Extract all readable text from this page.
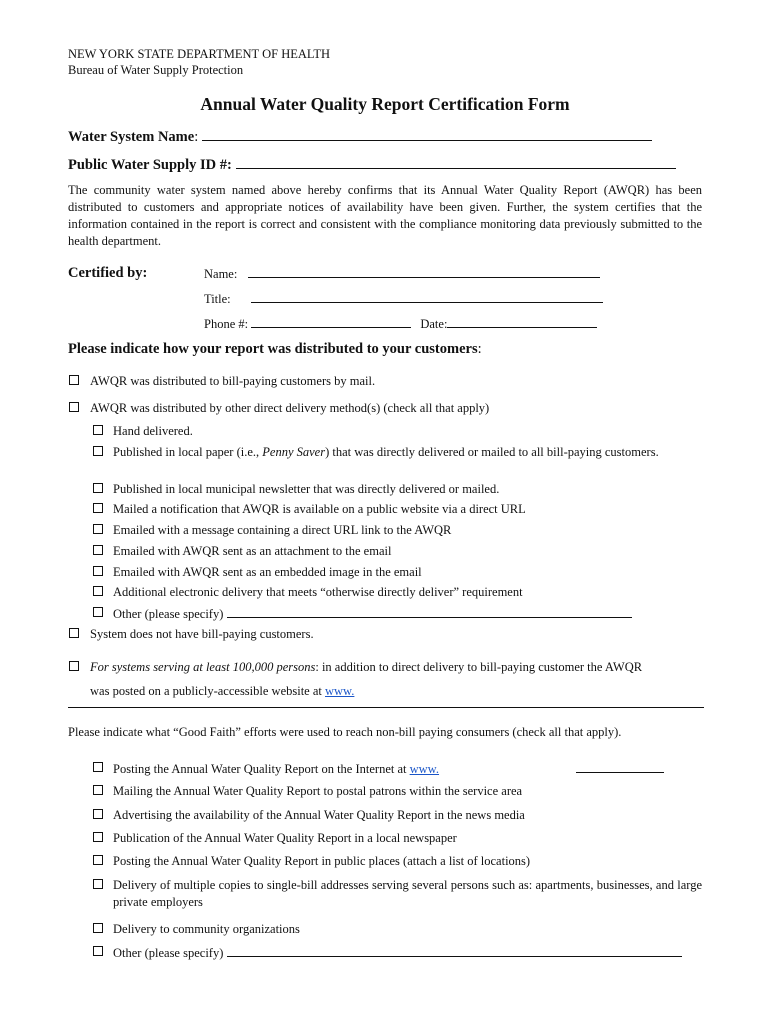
NEW YORK STATE DEPARTMENT OF HEALTH
Bureau of Water Supply Protection
Annual Water Quality Report Certification Form
Water System Name:
Public Water Supply ID #:
The community water system named above hereby confirms that its Annual Water Quality Report (AWQR) has been distributed to customers and appropriate notices of availability have been given. Further, the system certifies that the information contained in the report is correct and consistent with the compliance monitoring data previously submitted to the health department.
Certified by:	Name:
Title:
Phone #:	Date:
Please indicate how your report was distributed to your customers:
AWQR was distributed to bill-paying customers by mail.
AWQR was distributed by other direct delivery method(s) (check all that apply)
Hand delivered.
Published in local paper (i.e., Penny Saver) that was directly delivered or mailed to all bill-paying customers.
Published in local municipal newsletter that was directly delivered or mailed.
Mailed a notification that AWQR is available on a public website via a direct URL
Emailed with a message containing a direct URL link to the AWQR
Emailed with AWQR sent as an attachment to the email
Emailed with AWQR sent as an embedded image in the email
Additional electronic delivery that meets “otherwise directly deliver” requirement
Other (please specify)
System does not have bill-paying customers.
For systems serving at least 100,000 persons: in addition to direct delivery to bill-paying customer the AWQR
was posted on a publicly-accessible website at www.
Please indicate what “Good Faith” efforts were used to reach non-bill paying consumers (check all that apply).
Posting the Annual Water Quality Report on the Internet at www.
Mailing the Annual Water Quality Report to postal patrons within the service area
Advertising the availability of the Annual Water Quality Report in the news media
Publication of the Annual Water Quality Report in a local newspaper
Posting the Annual Water Quality Report in public places (attach a list of locations)
Delivery of multiple copies to single-bill addresses serving several persons such as: apartments, businesses, and large private employers
Delivery to community organizations
Other (please specify)
